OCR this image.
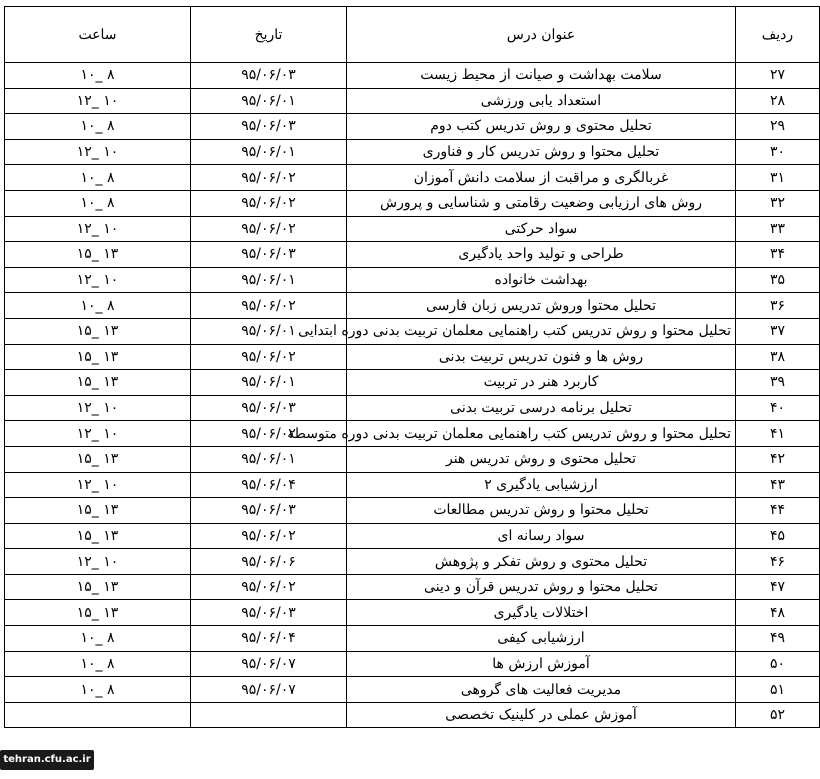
ردیف	عنوان درس	تاریخ	ساعت
۲۷	سلامت بهداشت و صیانت از محیط زیست	۹۵/۰۶/۰۳	۸ _۱۰
۲۸	استعداد یابی ورزشی	۹۵/۰۶/۰۱	۱۰ _۱۲
۲۹	تحلیل محتوی و روش تدریس کتب دوم	۹۵/۰۶/۰۳	۸ _۱۰
۳۰	تحلیل محتوا و روش تدریس کار و فناوری	۹۵/۰۶/۰۱	۱۰ _۱۲
۳۱	غربالگری و مراقبت از سلامت دانش آموزان	۹۵/۰۶/۰۲	۸ _۱۰
۳۲	روش های ارزیابی وضعیت رقامتی و شناسایی و پرورش	۹۵/۰۶/۰۲	۸ _۱۰
۳۳	سواد حرکتی	۹۵/۰۶/۰۲	۱۰ _۱۲
۳۴	طراحی و تولید واحد یادگیری	۹۵/۰۶/۰۳	۱۳ _۱۵
۳۵	بهداشت خانواده	۹۵/۰۶/۰۱	۱۰ _۱۲
۳۶	تحلیل محتوا وروش تدریس زبان فارسی	۹۵/۰۶/۰۲	۸ _۱۰
۳۷	تحلیل محتوا و روش تدریس کتب راهنمایی معلمان تربیت بدنی دوره ابتدایی	۹۵/۰۶/۰۱	۱۳ _۱۵
۳۸	روش ها و فنون تدریس تربیت بدنی	۹۵/۰۶/۰۲	۱۳ _۱۵
۳۹	کاربرد هنر در تربیت	۹۵/۰۶/۰۱	۱۳ _۱۵
۴۰	تحلیل برنامه درسی تربیت بدنی	۹۵/۰۶/۰۳	۱۰ _۱۲
۴۱	تحلیل محتوا و روش تدریس کتب راهنمایی معلمان تربیت بدنی دوره متوسطه	۹۵/۰۶/۰۲	۱۰ _۱۲
۴۲	تحلیل محتوی و روش تدریس هنر	۹۵/۰۶/۰۱	۱۳ _۱۵
۴۳	ارزشیابی یادگیری ۲	۹۵/۰۶/۰۴	۱۰ _۱۲
۴۴	تحلیل محتوا و روش تدریس مطالعات	۹۵/۰۶/۰۳	۱۳ _۱۵
۴۵	سواد رسانه ای	۹۵/۰۶/۰۲	۱۳ _۱۵
۴۶	تحلیل محتوی و روش تفکر و پژوهش	۹۵/۰۶/۰۶	۱۰ _۱۲
۴۷	تحلیل محتوا و روش تدریس قرآن و دینی	۹۵/۰۶/۰۲	۱۳ _۱۵
۴۸	اختلالات یادگیری	۹۵/۰۶/۰۳	۱۳ _۱۵
۴۹	ارزشیابی کیفی	۹۵/۰۶/۰۴	۸ _۱۰
۵۰	آموزش ارزش ها	۹۵/۰۶/۰۷	۸ _۱۰
۵۱	مدیریت فعالیت های گروهی	۹۵/۰۶/۰۷	۸ _۱۰
۵۲	آموزش عملی در کلینیک تخصصی		
tehran.cfu.ac.ir
